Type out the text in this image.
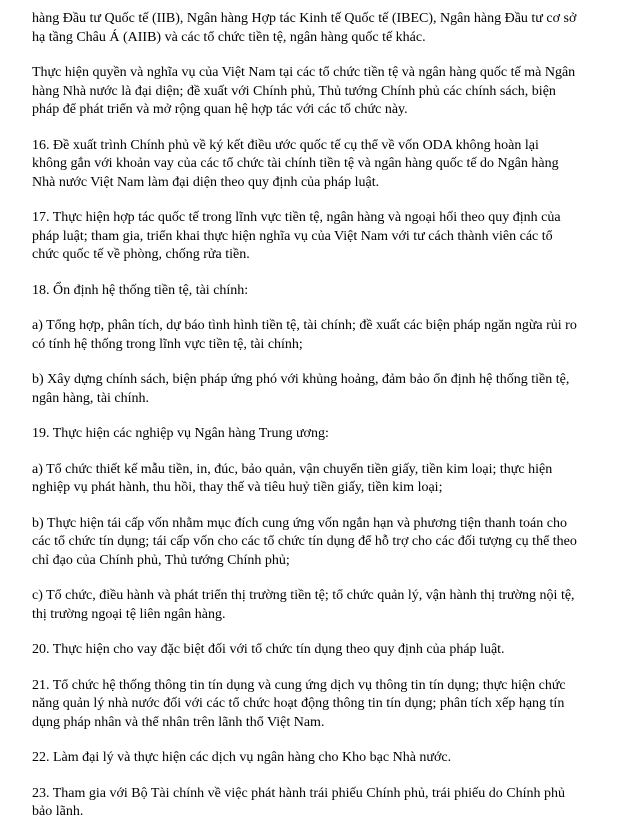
hàng Đầu tư Quốc tế (IIB), Ngân hàng Hợp tác Kinh tế Quốc tế (IBEC), Ngân hàng Đầu tư cơ sở
hạ tầng Châu Á (AIIB) và các tổ chức tiền tệ, ngân hàng quốc tế khác.

Thực hiện quyền và nghĩa vụ của Việt Nam tại các tổ chức tiền tệ và ngân hàng quốc tế mà Ngân
hàng Nhà nước là đại diện; đề xuất với Chính phủ, Thủ tướng Chính phủ các chính sách, biện
pháp để phát triển và mở rộng quan hệ hợp tác với các tổ chức này.

16. Đề xuất trình Chính phủ về ký kết điều ước quốc tế cụ thể về vốn ODA không hoàn lại
không gắn với khoản vay của các tổ chức tài chính tiền tệ và ngân hàng quốc tế do Ngân hàng
Nhà nước Việt Nam làm đại diện theo quy định của pháp luật.

17. Thực hiện hợp tác quốc tế trong lĩnh vực tiền tệ, ngân hàng và ngoại hối theo quy định của
pháp luật; tham gia, triển khai thực hiện nghĩa vụ của Việt Nam với tư cách thành viên các tổ
chức quốc tế về phòng, chống rửa tiền.

18. Ổn định hệ thống tiền tệ, tài chính:

a) Tổng hợp, phân tích, dự báo tình hình tiền tệ, tài chính; đề xuất các biện pháp ngăn ngừa rủi ro
có tính hệ thống trong lĩnh vực tiền tệ, tài chính;

b) Xây dựng chính sách, biện pháp ứng phó với khủng hoảng, đảm bảo ổn định hệ thống tiền tệ,
ngân hàng, tài chính.

19. Thực hiện các nghiệp vụ Ngân hàng Trung ương:

a) Tổ chức thiết kế mẫu tiền, in, đúc, bảo quản, vận chuyển tiền giấy, tiền kim loại; thực hiện
nghiệp vụ phát hành, thu hồi, thay thế và tiêu huỷ tiền giấy, tiền kim loại;

b) Thực hiện tái cấp vốn nhằm mục đích cung ứng vốn ngắn hạn và phương tiện thanh toán cho
các tổ chức tín dụng; tái cấp vốn cho các tổ chức tín dụng để hỗ trợ cho các đối tượng cụ thể theo
chỉ đạo của Chính phủ, Thủ tướng Chính phủ;

c) Tổ chức, điều hành và phát triển thị trường tiền tệ; tổ chức quản lý, vận hành thị trường nội tệ,
thị trường ngoại tệ liên ngân hàng.

20. Thực hiện cho vay đặc biệt đối với tổ chức tín dụng theo quy định của pháp luật.

21. Tổ chức hệ thống thông tin tín dụng và cung ứng dịch vụ thông tin tín dụng; thực hiện chức
năng quản lý nhà nước đối với các tổ chức hoạt động thông tin tín dụng; phân tích xếp hạng tín
dụng pháp nhân và thể nhân trên lãnh thổ Việt Nam.

22. Làm đại lý và thực hiện các dịch vụ ngân hàng cho Kho bạc Nhà nước.

23. Tham gia với Bộ Tài chính về việc phát hành trái phiếu Chính phủ, trái phiếu do Chính phủ
bảo lãnh.
